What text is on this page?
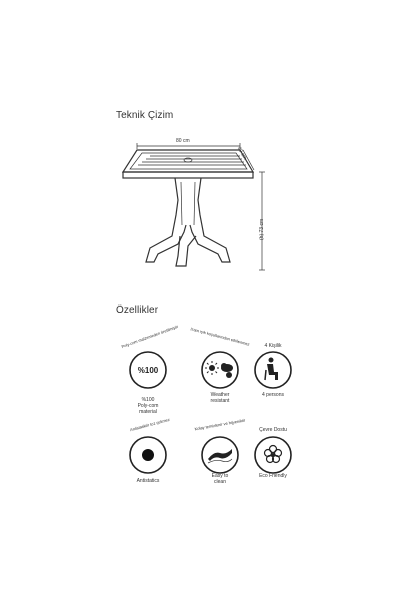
Teknik Çizim
80 cm
80 cm
(h) 73 cm
Özellikler
%100
Poly-com malzemeden üretilmiştir
%100
Poly-com
material
Isıya ışık koşullarından etkilenmez
Weather
resistant
4 Kişilik
4 persons
Antistatiktir toz çekmez
Antistatics
Kolay temizlenir ve hijyeniktir
Easy to
clean
Çevre Dostu
Eco Friendly
